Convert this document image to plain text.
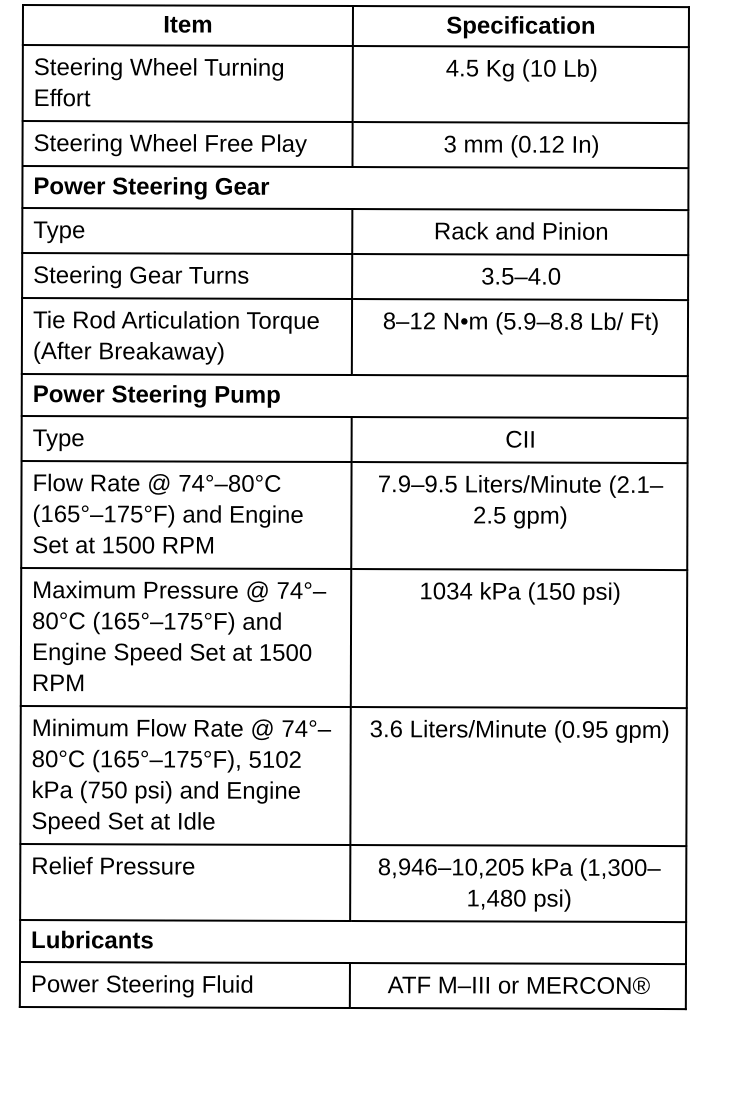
Item	Specification
Steering Wheel Turning Effort	4.5 Kg (10 Lb)
Steering Wheel Free Play	3 mm (0.12 In)
Power Steering Gear	
Type	Rack and Pinion
Steering Gear Turns	3.5–4.0
Tie Rod Articulation Torque (After Breakaway)	8–12 N•m (5.9–8.8 Lb/ Ft)
Power Steering Pump	
Type	CII
Flow Rate @ 74°–80°C (165°–175°F) and Engine Set at 1500 RPM	7.9–9.5 Liters/Minute (2.1–2.5 gpm)
Maximum Pressure @ 74°–80°C (165°–175°F) and Engine Speed Set at 1500 RPM	1034 kPa (150 psi)
Minimum Flow Rate @ 74°–80°C (165°–175°F), 5102 kPa (750 psi) and Engine Speed Set at Idle	3.6 Liters/Minute (0.95 gpm)
Relief Pressure	8,946–10,205 kPa (1,300–1,480 psi)
Lubricants	
Power Steering Fluid	ATF M–III or MERCON®
